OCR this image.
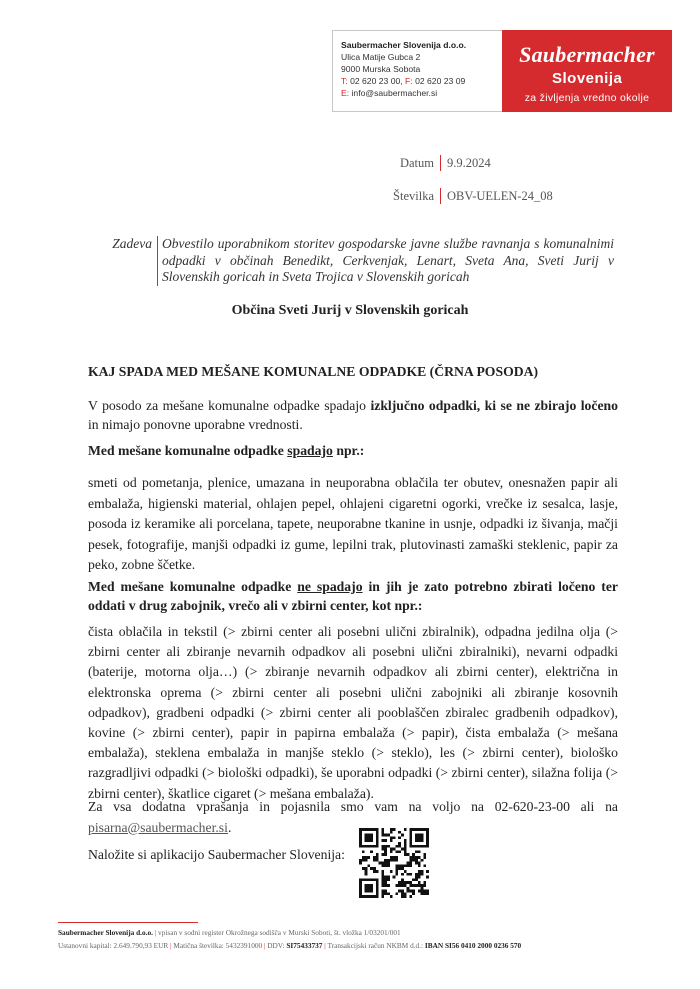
Saubermacher Slovenija d.o.o.
Ulica Matije Gubca 2
9000 Murska Sobota
T: 02 620 23 00, F: 02 620 23 09
E: info@saubermacher.si
Saubermacher
Slovenija
za življenja vredno okolje
Datum 9.9.2024
Številka OBV-UELEN-24_08
Zadeva Obvestilo uporabnikom storitev gospodarske javne službe ravnanja s komunalnimi odpadki v občinah Benedikt, Cerkvenjak, Lenart, Sveta Ana, Sveti Jurij v Slovenskih goricah in Sveta Trojica v Slovenskih goricah
Občina Sveti Jurij v Slovenskih goricah
KAJ SPADA MED MEŠANE KOMUNALNE ODPADKE (ČRNA POSODA)
V posodo za mešane komunalne odpadke spadajo izključno odpadki, ki se ne zbirajo ločeno in nimajo ponovne uporabne vrednosti.
Med mešane komunalne odpadke spadajo npr.:
smeti od pometanja, plenice, umazana in neuporabna oblačila ter obutev, onesnažen papir ali embalaža, higienski material, ohlajen pepel, ohlajeni cigaretni ogorki, vrečke iz sesalca, lasje, posoda iz keramike ali porcelana, tapete, neuporabne tkanine in usnje, odpadki iz šivanja, mačji pesek, fotografije, manjši odpadki iz gume, lepilni trak, plutovinasti zamaški steklenic, papir za peko, zobne ščetke.
Med mešane komunalne odpadke ne spadajo in jih je zato potrebno zbirati ločeno ter oddati v drug zabojnik, vrečo ali v zbirni center, kot npr.:
čista oblačila in tekstil (> zbirni center ali posebni ulični zbiralnik), odpadna jedilna olja (> zbirni center ali zbiranje nevarnih odpadkov ali posebni ulični zbiralniki), nevarni odpadki (baterije, motorna olja…) (> zbiranje nevarnih odpadkov ali zbirni center), električna in elektronska oprema (> zbirni center ali posebni ulični zabojniki ali zbiranje kosovnih odpadkov), gradbeni odpadki (> zbirni center ali pooblaščen zbiralec gradbenih odpadkov), kovine (> zbirni center), papir in papirna embalaža (> papir), čista embalaža (> mešana embalaža), steklena embalaža in manjše steklo (> steklo), les (> zbirni center), biološko razgradljivi odpadki (> biološki odpadki), še uporabni odpadki (> zbirni center), silažna folija (> zbirni center), škatlice cigaret (> mešana embalaža).
Za vsa dodatna vprašanja in pojasnila smo vam na voljo na 02-620-23-00 ali na pisarna@saubermacher.si.
Naložite si aplikacijo Saubermacher Slovenija:
Saubermacher Slovenija d.o.o. | vpisan v sodni register Okrožnega sodišča v Murski Soboti, št. vložka 1/03201/001
Ustanovni kapital: 2.649.790,93 EUR | Matična številka: 5432391000 | DDV: SI75433737 | Transakcijski račun NKBM d.d.: IBAN SI56 0410 2000 0236 570
